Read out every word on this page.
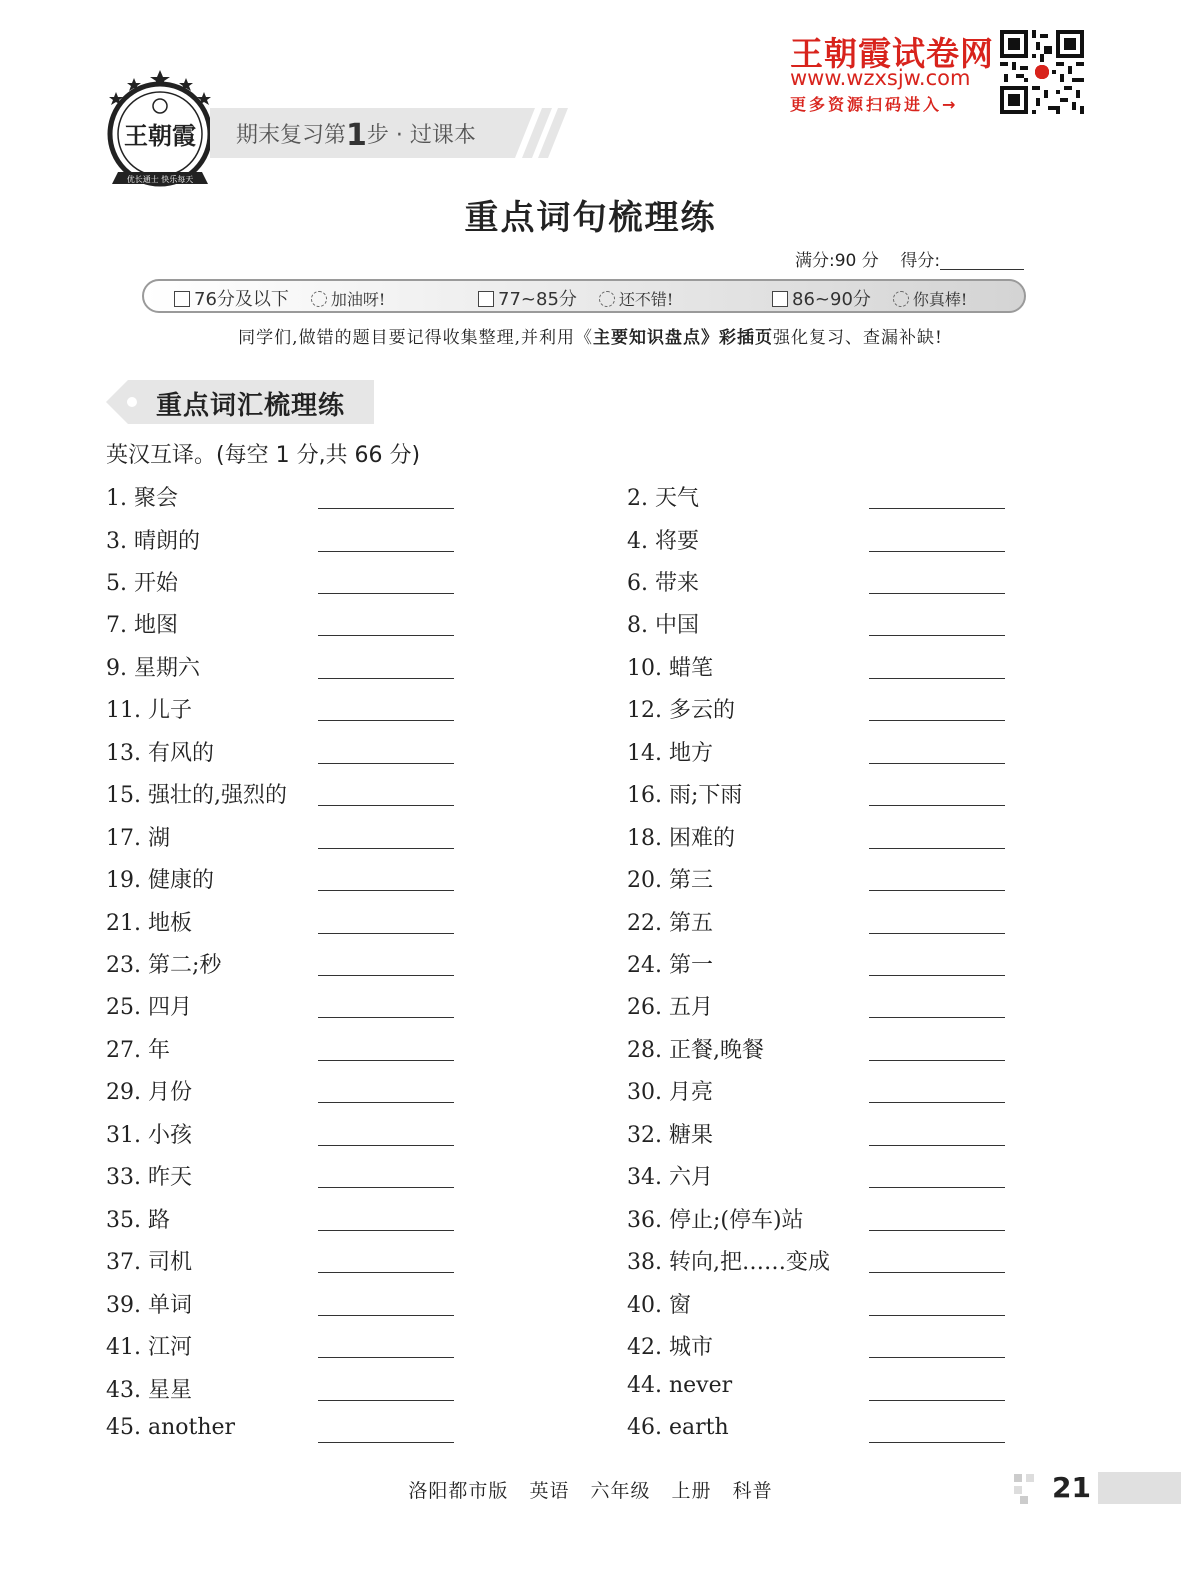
王朝霞
优长通士 快乐每天
期末复习第1步 · 过课本
王朝霞试卷网
www.wzxsjw.com
更多资源扫码进入→
重点词句梳理练
满分:90 分 得分:
76分及以下	加油呀!	77~85分	还不错!	86~90分	你真棒!
同学们,做错的题目要记得收集整理,并利用《主要知识盘点》彩插页强化复习、查漏补缺!
重点词汇梳理练
英汉互译。(每空 1 分,共 66 分)
1. 聚会	2. 天气
3. 晴朗的	4. 将要
5. 开始	6. 带来
7. 地图	8. 中国
9. 星期六	10. 蜡笔
11. 儿子	12. 多云的
13. 有风的	14. 地方
15. 强壮的,强烈的	16. 雨;下雨
17. 湖	18. 困难的
19. 健康的	20. 第三
21. 地板	22. 第五
23. 第二;秒	24. 第一
25. 四月	26. 五月
27. 年	28. 正餐,晚餐
29. 月份	30. 月亮
31. 小孩	32. 糖果
33. 昨天	34. 六月
35. 路	36. 停止;(停车)站
37. 司机	38. 转向,把……变成
39. 单词	40. 窗
41. 江河	42. 城市
43. 星星	44. never
45. another	46. earth
洛阳都市版 英语 六年级 上册 科普	21
